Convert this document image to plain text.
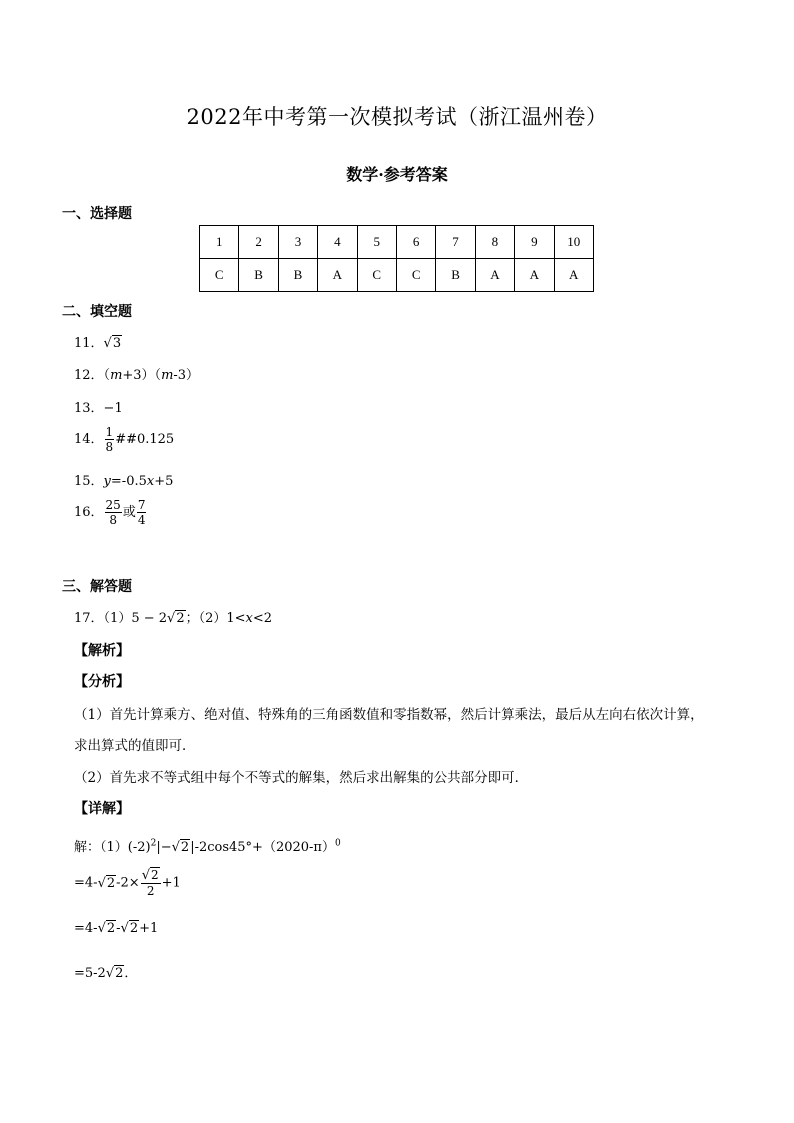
2022年中考第一次模拟考试（浙江温州卷）
数学·参考答案
一、选择题
1	2	3	4	5	6	7	8	9	10
C	B	B	A	C	C	B	A	A	A
二、填空题
11．√3
12．（m+3）（m-3）
13．−1
14． $\frac{1}{8}$ ##0.125
15．y=-0.5x+5
16． $\frac{25}{8}$ 或 $\frac{7}{4}$
三、解答题
17．（1）5 − 2√2；（2）1<x<2
【解析】
【分析】
（1）首先计算乘方、绝对值、特殊角的三角函数值和零指数幂，然后计算乘法，最后从左向右依次计算，
求出算式的值即可．
（2）首先求不等式组中每个不等式的解集，然后求出解集的公共部分即可．
【详解】
解：$(1)(-2)^2|-√2|-2\cos 45^\circ+(2020-\pi)^0$
$=4-√2-2\times \frac{√2}{2} +1$
=4-√2-√2+1
=5-2√2．
